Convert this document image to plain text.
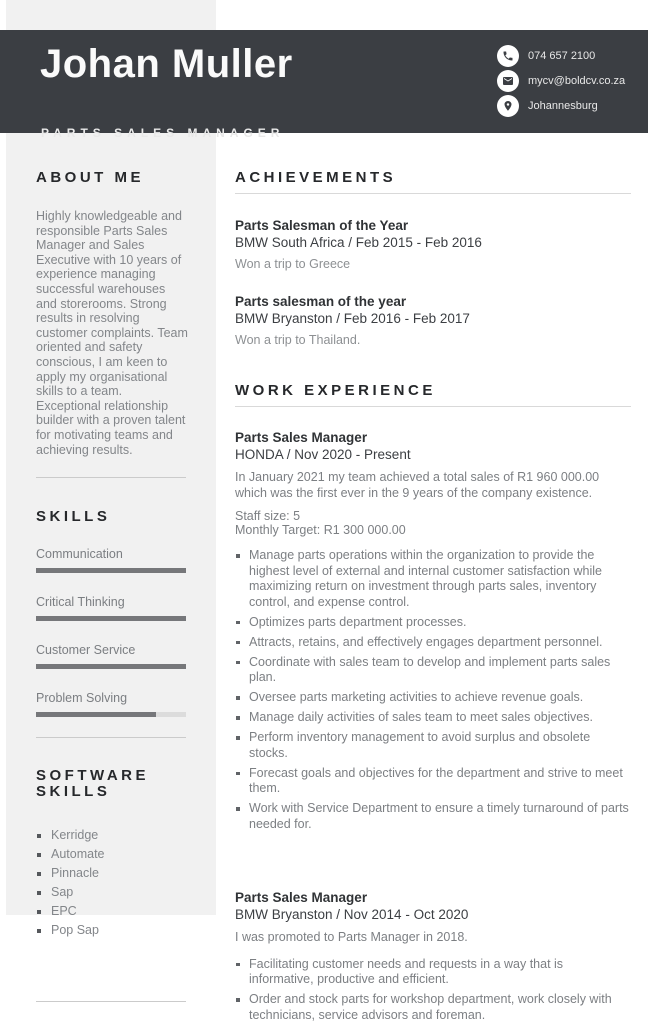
Johan Muller
PARTS SALES MANAGER
074 657 2100
mycv@boldcv.co.za
Johannesburg
ABOUT ME
Highly knowledgeable and responsible Parts Sales Manager and Sales Executive with 10 years of experience managing successful warehouses and storerooms. Strong results in resolving customer complaints. Team oriented and safety conscious, I am keen to apply my organisational skills to a team. Exceptional relationship builder with a proven talent for motivating teams and achieving results.
SKILLS
Communication
Critical Thinking
Customer Service
Problem Solving
SOFTWARE SKILLS
Kerridge
Automate
Pinnacle
Sap
EPC
Pop Sap
ACHIEVEMENTS
Parts Salesman of the Year
BMW South Africa / Feb 2015 - Feb 2016
Won a trip to Greece
Parts salesman of the year
BMW Bryanston / Feb 2016 - Feb 2017
Won a trip to Thailand.
WORK EXPERIENCE
Parts Sales Manager
HONDA / Nov 2020 - Present
In January 2021 my team achieved a total sales of R1 960 000.00 which was the first ever in the 9 years of the company existence.
Staff size: 5
Monthly Target: R1 300 000.00
Manage parts operations within the organization to provide the highest level of external and internal customer satisfaction while maximizing return on investment through parts sales, inventory control, and expense control.
Optimizes parts department processes.
Attracts, retains, and effectively engages department personnel.
Coordinate with sales team to develop and implement parts sales plan.
Oversee parts marketing activities to achieve revenue goals.
Manage daily activities of sales team to meet sales objectives.
Perform inventory management to avoid surplus and obsolete stocks.
Forecast goals and objectives for the department and strive to meet them.
Work with Service Department to ensure a timely turnaround of parts needed for.
Parts Sales Manager
BMW Bryanston / Nov 2014 - Oct 2020
I was promoted to Parts Manager in 2018.
Facilitating customer needs and requests in a way that is informative, productive and efficient.
Order and stock parts for workshop department, work closely with technicians, service advisors and foreman.
